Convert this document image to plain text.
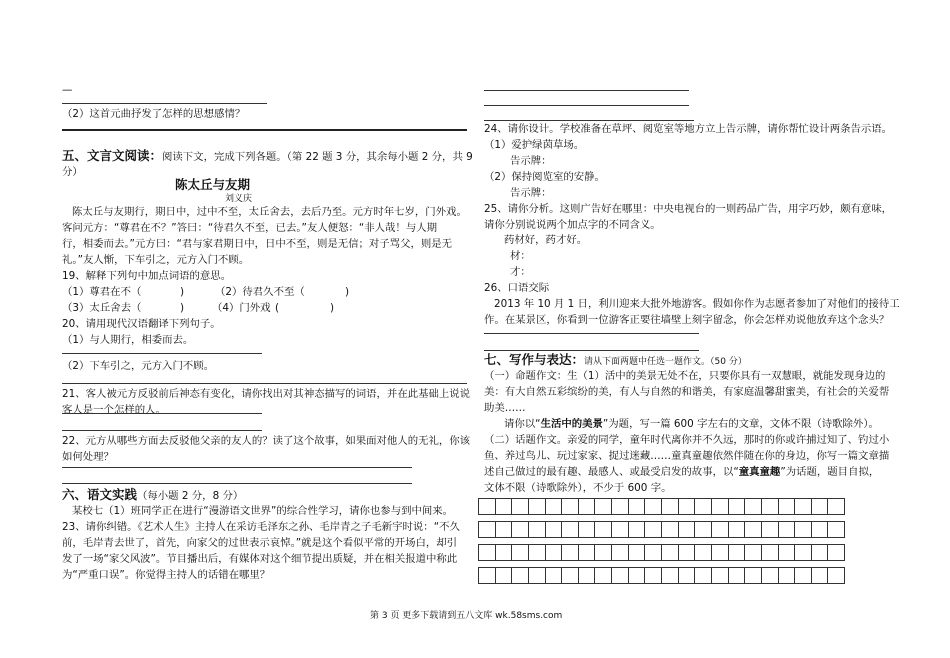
—
（2）这首元曲抒发了怎样的思想感情？
五、文言文阅读：阅读下文，完成下列各题。（第 22 题 3 分，其余每小题 2 分，共 9
分）
陈太丘与友期
刘义庆
陈太丘与友期行，期日中，过中不至，太丘舍去，去后乃至。元方时年七岁，门外戏。
客问元方：“尊君在不？”答曰：“待君久不至，已去。”友人便怒：“非人哉！与人期
行，相委而去。”元方曰：“君与家君期日中，日中不至，则是无信；对子骂父，则是无
礼。”友人惭，下车引之，元方入门不顾。
19、解释下列句中加点词语的意思。
（1）尊君在不（	)	（2）待君久不至（	)
（3）太丘舍去（	)	（4）门外戏 (	)
20、请用现代汉语翻译下列句子。
（1）与人期行，相委而去。
（2）下车引之，元方入门不顾。
21、客人被元方反驳前后神态有变化，请你找出对其神态描写的词语，并在此基础上说说
客人是一个怎样的人。
22、元方从哪些方面去反驳他父亲的友人的？读了这个故事，如果面对他人的无礼，你该
如何处理？
六、语文实践（每小题 2 分，8 分）
某校七（1）班同学正在进行“漫游语文世界”的综合性学习，请你也参与到中间来。
23、请你纠错。《艺术人生》主持人在采访毛泽东之孙、毛岸青之子毛新宇时说：“不久
前，毛岸青去世了，首先，向家父的过世表示哀悼。”就是这个看似平常的开场白，却引
发了一场“家父风波”。节目播出后，有媒体对这个细节提出质疑，并在相关报道中称此
为“严重口误”。你觉得主持人的话错在哪里？
24、请你设计。学校准备在草坪、阅览室等地方立上告示牌，请你帮忙设计两条告示语。
（1）爱护绿茵草场。
告示牌：
（2）保持阅览室的安静。
告示牌：
25、请你分析。这则广告好在哪里：中央电视台的一则药品广告，用字巧妙，颇有意味，
请你分别说说两个加点字的不同含义。
药材好，药才好。
材：
才：
26、口语交际
2013 年 10 月 1 日，利川迎来大批外地游客。假如你作为志愿者参加了对他们的接待工
作。在某景区，你看到一位游客正要往墙壁上刻字留念，你会怎样劝说他放弃这个念头？
七、写作与表达：请从下面两题中任选一题作文。（50 分）
（一）命题作文：生（1）活中的美景无处不在，只要你具有一双慧眼，就能发现身边的
美：有大自然五彩缤纷的美，有人与自然的和谐美，有家庭温馨甜蜜美，有社会的关爱帮
助美……
请你以“生活中的美景”为题，写一篇 600 字左右的文章，文体不限（诗歌除外）。
（二）话题作文。亲爱的同学，童年时代离你并不久远，那时的你或许捕过知了、钓过小
鱼、养过鸟儿、玩过家家、捉过迷藏……童真童趣依然伴随在你的身边，你写一篇文章描
述自己做过的最有趣、最感人、或最受启发的故事，以“童真童趣”为话题，题目自拟，
文体不限（诗歌除外），不少于 600 字。
第 3 页 更多下载请到五八文库 wk.58sms.com
